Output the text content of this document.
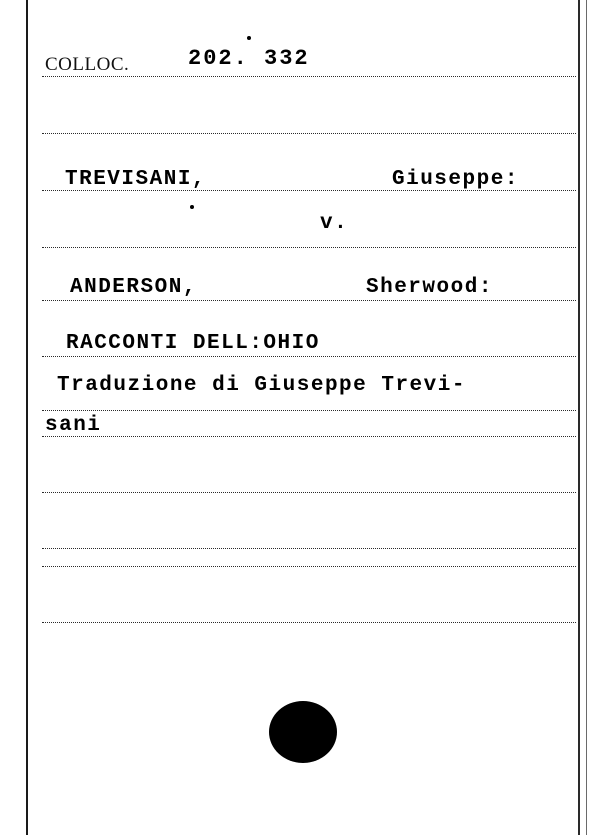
COLLOC.	202. 332
TREVISANI,	Giuseppe:
v.
ANDERSON,	Sherwood:
RACCONTI DELL:OHIO
Traduzione di Giuseppe Trevi-
sani
